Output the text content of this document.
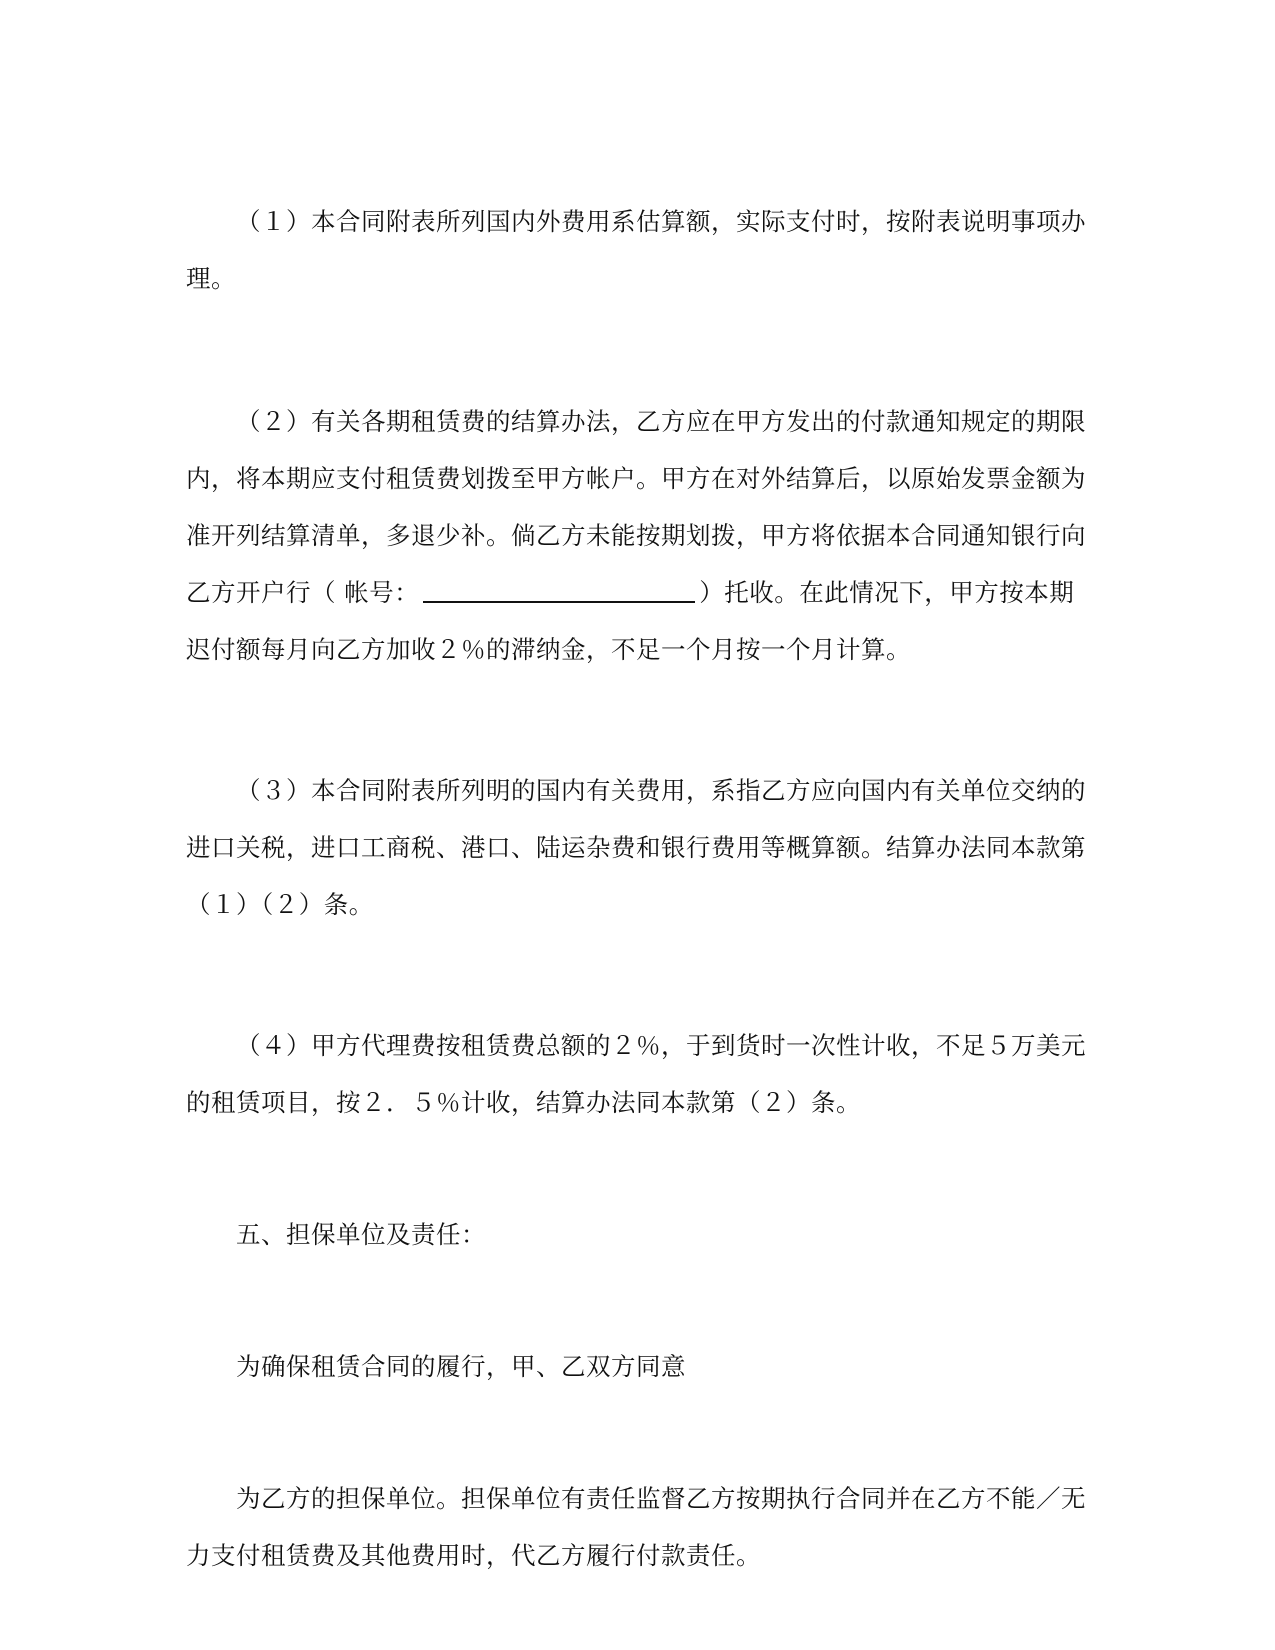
（１）本合同附表所列国内外费用系估算额，实际支付时，按附表说明事项办理。

（２）有关各期租赁费的结算办法，乙方应在甲方发出的付款通知规定的期限内，将本期应支付租赁费划拨至甲方帐户。甲方在对外结算后，以原始发票金额为准开列结算清单，多退少补。倘乙方未能按期划拨，甲方将依据本合同通知银行向乙方开户行（ 帐号：	）托收。在此情况下，甲方按本期迟付额每月向乙方加收２％的滞纳金，不足一个月按一个月计算。

（３）本合同附表所列明的国内有关费用，系指乙方应向国内有关单位交纳的进口关税，进口工商税、港口、陆运杂费和银行费用等概算额。结算办法同本款第（１）（２）条。

（４）甲方代理费按租赁费总额的２％，于到货时一次性计收，不足５万美元的租赁项目，按２．５％计收，结算办法同本款第（２）条。

五、担保单位及责任：

为确保租赁合同的履行，甲、乙双方同意

为乙方的担保单位。担保单位有责任监督乙方按期执行合同并在乙方不能／无力支付租赁费及其他费用时，代乙方履行付款责任。
